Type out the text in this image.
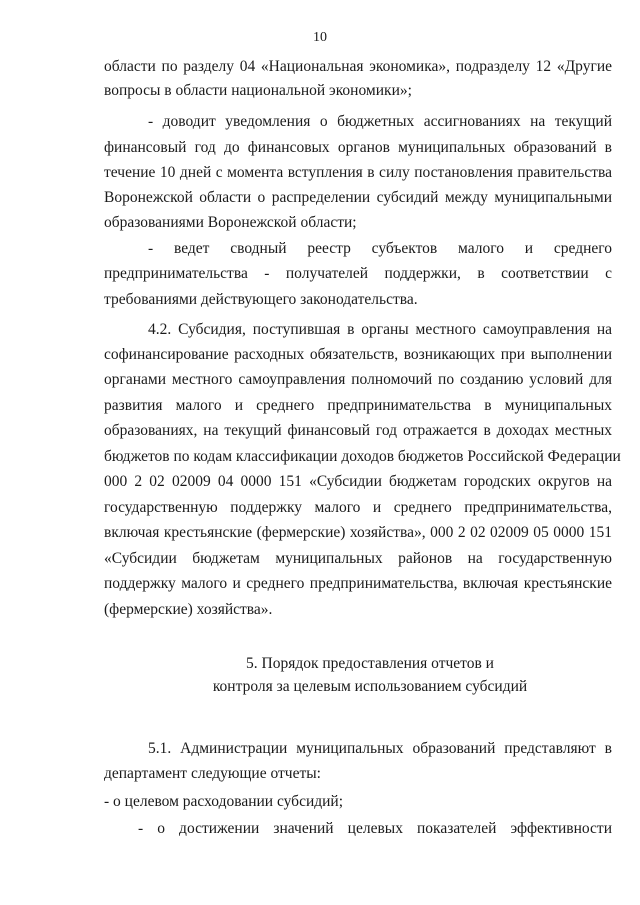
10
области по разделу 04 «Национальная экономика», подразделу 12 «Другие
вопросы в области национальной экономики»;
- доводит уведомления о бюджетных ассигнованиях на текущий
финансовый год до финансовых органов муниципальных образований в
течение 10 дней с момента вступления в силу постановления правительства
Воронежской области о распределении субсидий между муниципальными
образованиями Воронежской области;
- ведет сводный реестр субъектов малого и среднего
предпринимательства - получателей поддержки, в соответствии с
требованиями действующего законодательства.
4.2. Субсидия, поступившая в органы местного самоуправления на
софинансирование расходных обязательств, возникающих при выполнении
органами местного самоуправления полномочий по созданию условий для
развития малого и среднего предпринимательства в муниципальных
образованиях, на текущий финансовый год отражается в доходах местных
бюджетов по кодам классификации доходов бюджетов Российской Федерации
000 2 02 02009 04 0000 151 «Субсидии бюджетам городских округов на
государственную поддержку малого и среднего предпринимательства,
включая крестьянские (фермерские) хозяйства», 000 2 02 02009 05 0000 151
«Субсидии бюджетам муниципальных районов на государственную
поддержку малого и среднего предпринимательства, включая крестьянские
(фермерские) хозяйства».
5. Порядок предоставления отчетов и
контроля за целевым использованием субсидий
5.1. Администрации муниципальных образований представляют в
департамент следующие отчеты:
- о целевом расходовании субсидий;
- о достижении значений целевых показателей эффективности
